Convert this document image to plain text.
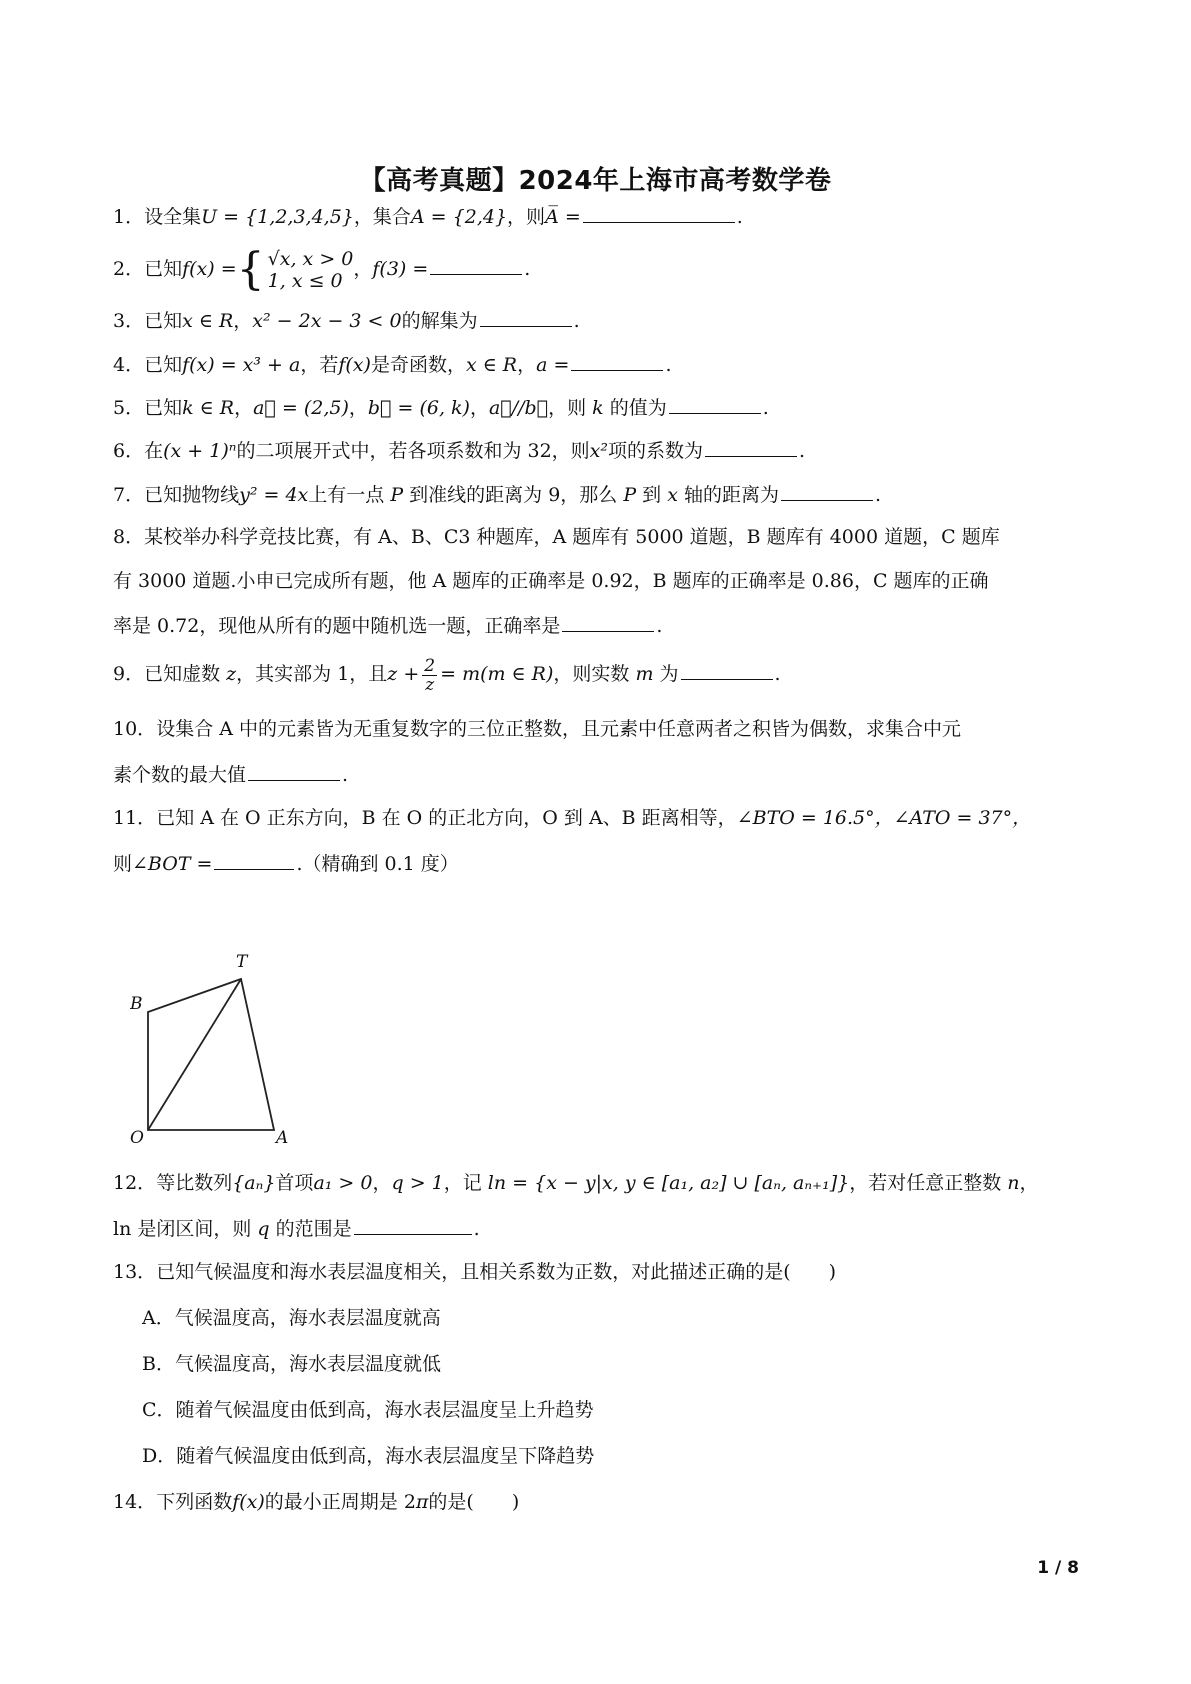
【高考真题】2024年上海市高考数学卷
1．设全集U = {1,2,3,4,5}，集合A = {2,4}，则A̅ =	.
2．已知f(x) ={ √x, x > 0
1, x ≤ 0
，f(3) =	.
3．已知x ∈ R，x² − 2x − 3 < 0的解集为	.
4．已知f(x) = x³ + a，若f(x)是奇函数，x ∈ R，a =	.
5．已知k ∈ R，a⃗ = (2,5)，b⃗ = (6, k)，a⃗//b⃗，则 k 的值为	.
6．在(x + 1)ⁿ的二项展开式中，若各项系数和为 32，则x²项的系数为	.
7．已知抛物线y² = 4x上有一点 P 到准线的距离为 9，那么 P 到 x 轴的距离为	.
8．某校举办科学竞技比赛，有 A、B、C3 种题库，A 题库有 5000 道题，B 题库有 4000 道题，C 题库
有 3000 道题.小申已完成所有题，他 A 题库的正确率是 0.92，B 题库的正确率是 0.86，C 题库的正确
率是 0.72，现他从所有的题中随机选一题，正确率是	.
9．已知虚数 z，其实部为 1，且$z + \frac{2}{z} = m(m$ ∈ R)，则实数 m 为	.
10．设集合 A 中的元素皆为无重复数字的三位正整数，且元素中任意两者之积皆为偶数，求集合中元
素个数的最大值	.
11．已知 A 在 O 正东方向，B 在 O 的正北方向，O 到 A、B 距离相等，∠BTO = 16.5°，∠ATO = 37°，
则∠BOT =	.（精确到 0.1 度）
B
T
O	A
12．等比数列{aₙ}首项a₁ > 0，q > 1，记 ln = {x − y|x, y ∈ [a₁, a₂] ∪ [aₙ, aₙ₊₁]}，若对任意正整数 n，
ln 是闭区间，则 q 的范围是	.
13．已知气候温度和海水表层温度相关，且相关系数为正数，对此描述正确的是(　　)
A．气候温度高，海水表层温度就高
B．气候温度高，海水表层温度就低
C．随着气候温度由低到高，海水表层温度呈上升趋势
D．随着气候温度由低到高，海水表层温度呈下降趋势
14．下列函数f(x)的最小正周期是 2π的是(　　)
1 / 8
